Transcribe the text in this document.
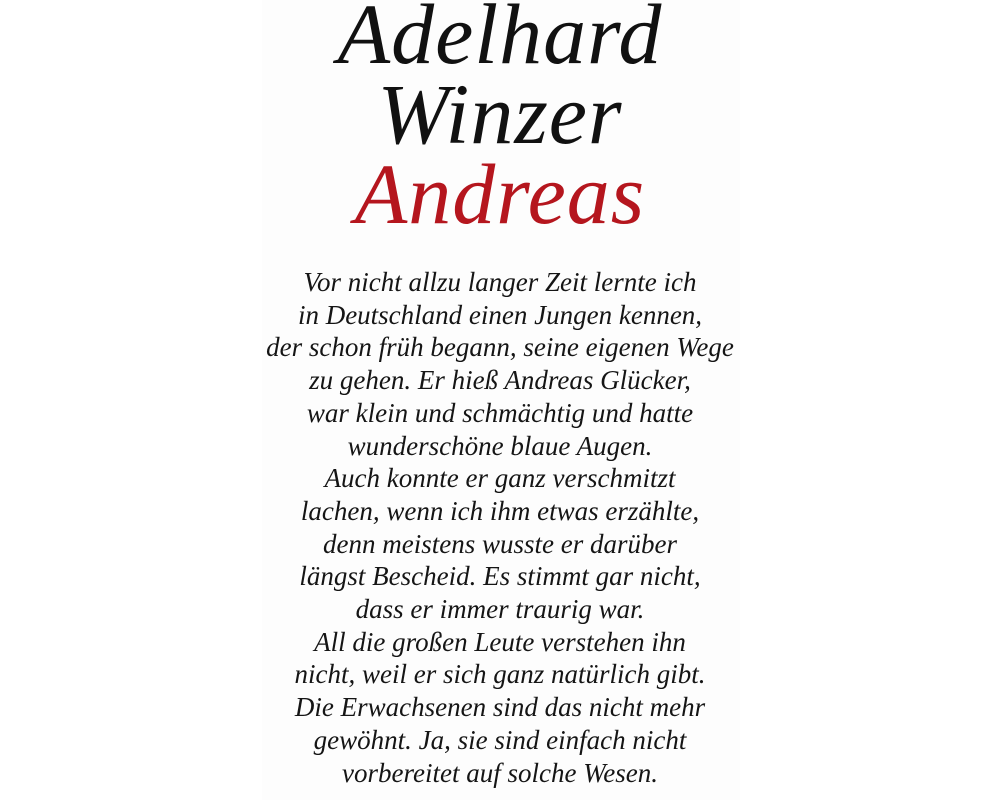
Adelhard
Winzer
Andreas
Vor nicht allzu langer Zeit lernte ich
in Deutschland einen Jungen kennen,
der schon früh begann, seine eigenen Wege
zu gehen. Er hieß Andreas Glücker,
war klein und schmächtig und hatte
wunderschöne blaue Augen.
Auch konnte er ganz verschmitzt
lachen, wenn ich ihm etwas erzählte,
denn meistens wusste er darüber
längst Bescheid. Es stimmt gar nicht,
dass er immer traurig war.
All die großen Leute verstehen ihn
nicht, weil er sich ganz natürlich gibt.
Die Erwachsenen sind das nicht mehr
gewöhnt. Ja, sie sind einfach nicht
vorbereitet auf solche Wesen.
